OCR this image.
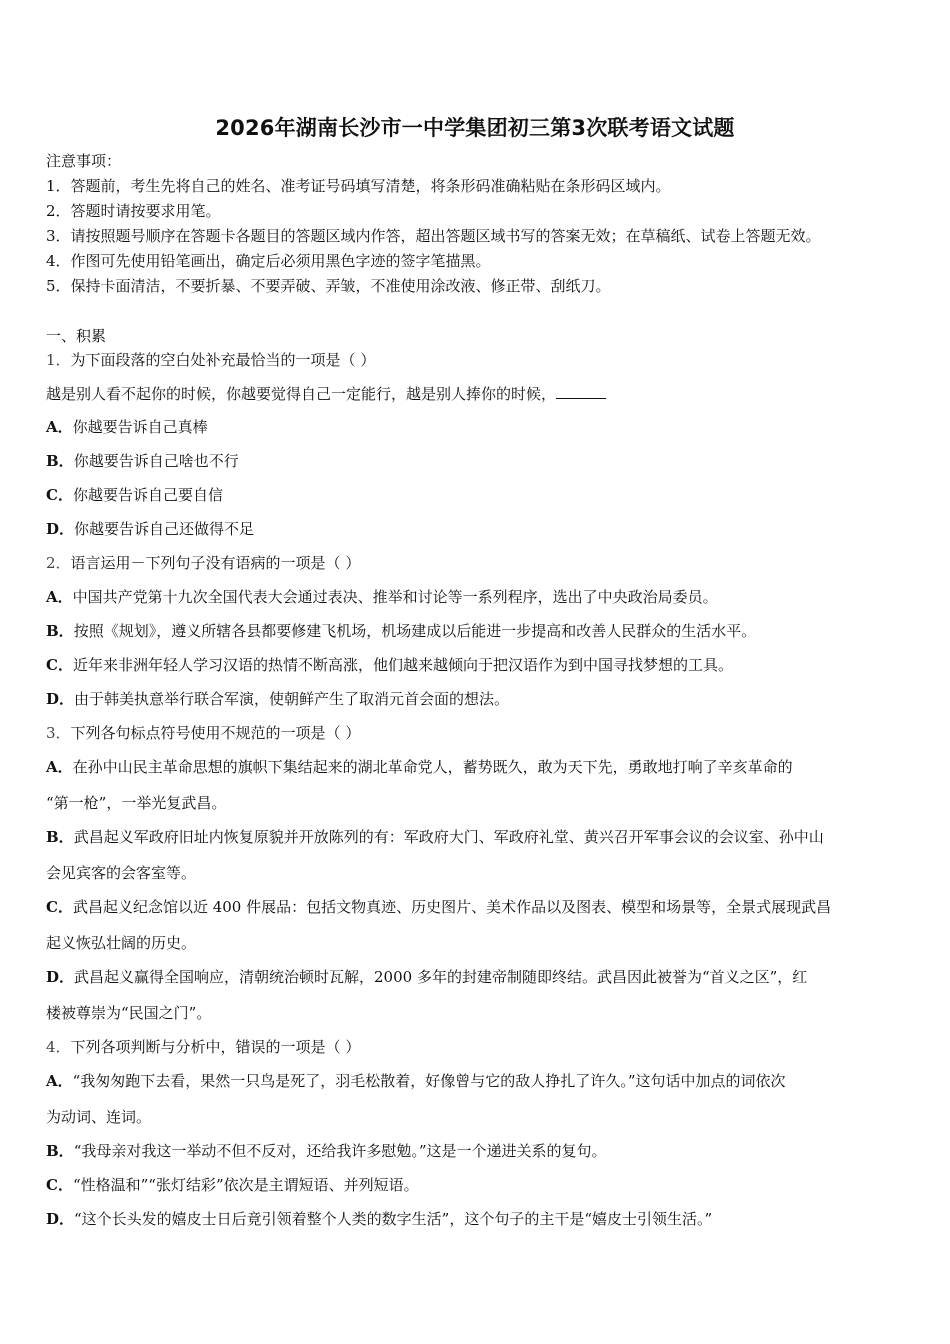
2026年湖南长沙市一中学集团初三第3次联考语文试题
注意事项：
1．答题前，考生先将自己的姓名、准考证号码填写清楚，将条形码准确粘贴在条形码区域内。
2．答题时请按要求用笔。
3．请按照题号顺序在答题卡各题目的答题区域内作答，超出答题区域书写的答案无效；在草稿纸、试卷上答题无效。
4．作图可先使用铅笔画出，确定后必须用黑色字迹的签字笔描黑。
5．保持卡面清洁，不要折暴、不要弄破、弄皱，不准使用涂改液、修正带、刮纸刀。
一、积累
1．为下面段落的空白处补充最恰当的一项是（ ）
越是别人看不起你的时候，你越要觉得自己一定能行，越是别人捧你的时候，
A．你越要告诉自己真棒
B．你越要告诉自己啥也不行
C．你越要告诉自己要自信
D．你越要告诉自己还做得不足
2．语言运用－下列句子没有语病的一项是（ ）
A．中国共产党第十九次全国代表大会通过表决、推举和讨论等一系列程序，选出了中央政治局委员。
B．按照《规划》，遵义所辖各县都要修建飞机场，机场建成以后能进一步提高和改善人民群众的生活水平。
C．近年来非洲年轻人学习汉语的热情不断高涨，他们越来越倾向于把汉语作为到中国寻找梦想的工具。
D．由于韩美执意举行联合军演，使朝鲜产生了取消元首会面的想法。
3．下列各句标点符号使用不规范的一项是（ ）
A．在孙中山民主革命思想的旗帜下集结起来的湖北革命党人，蓄势既久，敢为天下先，勇敢地打响了辛亥革命的
“第一枪”，一举光复武昌。
B．武昌起义军政府旧址内恢复原貌并开放陈列的有：军政府大门、军政府礼堂、黄兴召开军事会议的会议室、孙中山
会见宾客的会客室等。
C．武昌起义纪念馆以近 400 件展品：包括文物真迹、历史图片、美术作品以及图表、模型和场景等，全景式展现武昌
起义恢弘壮阔的历史。
D．武昌起义赢得全国响应，清朝统治顿时瓦解，2000 多年的封建帝制随即终结。武昌因此被誉为“首义之区”，红
楼被尊崇为“民国之门”。
4．下列各项判断与分析中，错误的一项是（ ）
A．“我匆匆跑下去看，果然一只鸟是死了，羽毛松散着，好像曾与它的敌人挣扎了许久。”这句话中加点的词依次
为动词、连词。
B．“我母亲对我这一举动不但不反对，还给我许多慰勉。”这是一个递进关系的复句。
C．“性格温和”“张灯结彩”依次是主谓短语、并列短语。
D．“这个长头发的嬉皮士日后竟引领着整个人类的数字生活”，这个句子的主干是“嬉皮士引领生活。”
